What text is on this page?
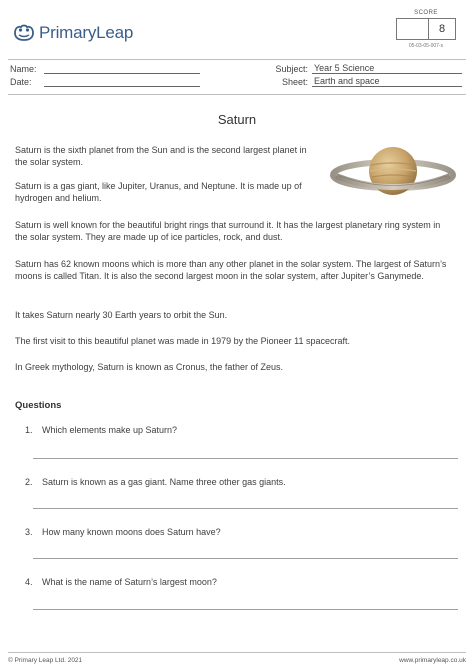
PrimaryLeap
SCORE
8
05-03-05-007-s
Name:
Date:
Subject: Year 5 Science
Sheet: Earth and space
Saturn
Saturn is the sixth planet from the Sun and is the second largest planet in the solar system.
Saturn is a gas giant, like Jupiter, Uranus, and Neptune. It is made up of hydrogen and helium.
Saturn is well known for the beautiful bright rings that surround it. It has the largest planetary ring system in the solar system. They are made up of ice particles, rock, and dust.
Saturn has 62 known moons which is more than any other planet in the solar system. The largest of Saturn’s moons is called Titan. It is also the second largest moon in the solar system, after Jupiter’s Ganymede.
It takes Saturn nearly 30 Earth years to orbit the Sun.
The first visit to this beautiful planet was made in 1979 by the Pioneer 11 spacecraft.
In Greek mythology, Saturn is known as Cronus, the father of Zeus.
Questions
1.	Which elements make up Saturn?
2.	Saturn is known as a gas giant. Name three other gas giants.
3.	How many known moons does Saturn have?
4.	What is the name of Saturn’s largest moon?
© Primary Leap Ltd. 2021	www.primaryleap.co.uk
